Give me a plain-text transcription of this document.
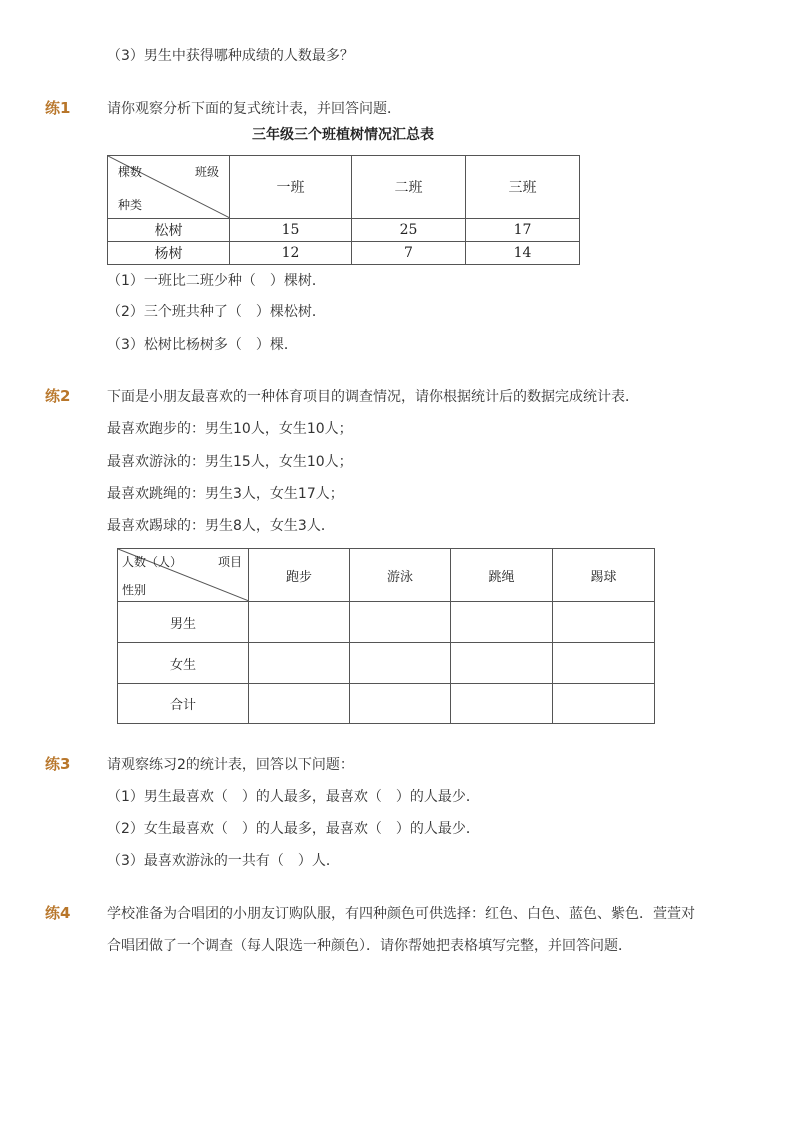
（3）男生中获得哪种成绩的人数最多？
练1	请你观察分析下面的复式统计表，并回答问题．
三年级三个班植树情况汇总表
棵数 班级
种类	一班	二班	三班
松树	15	25	17
杨树	12	7	14
（1）一班比二班少种（　）棵树．
（2）三个班共种了（　）棵松树．
（3）松树比杨树多（　）棵．
练2	下面是小朋友最喜欢的一种体育项目的调查情况，请你根据统计后的数据完成统计表．
最喜欢跑步的：男生10人，女生10人；
最喜欢游泳的：男生15人，女生10人；
最喜欢跳绳的：男生3人，女生17人；
最喜欢踢球的：男生8人，女生3人．
人数（人） 项目
性别	跑步	游泳	跳绳	踢球
男生				
女生				
合计				
练3	请观察练习2的统计表，回答以下问题：
（1）男生最喜欢（　）的人最多，最喜欢（　）的人最少．
（2）女生最喜欢（　）的人最多，最喜欢（　）的人最少．
（3）最喜欢游泳的一共有（　）人．
练4	学校准备为合唱团的小朋友订购队服，有四种颜色可供选择：红色、白色、蓝色、紫色．萱萱对
合唱团做了一个调查（每人限选一种颜色）．请你帮她把表格填写完整，并回答问题．
